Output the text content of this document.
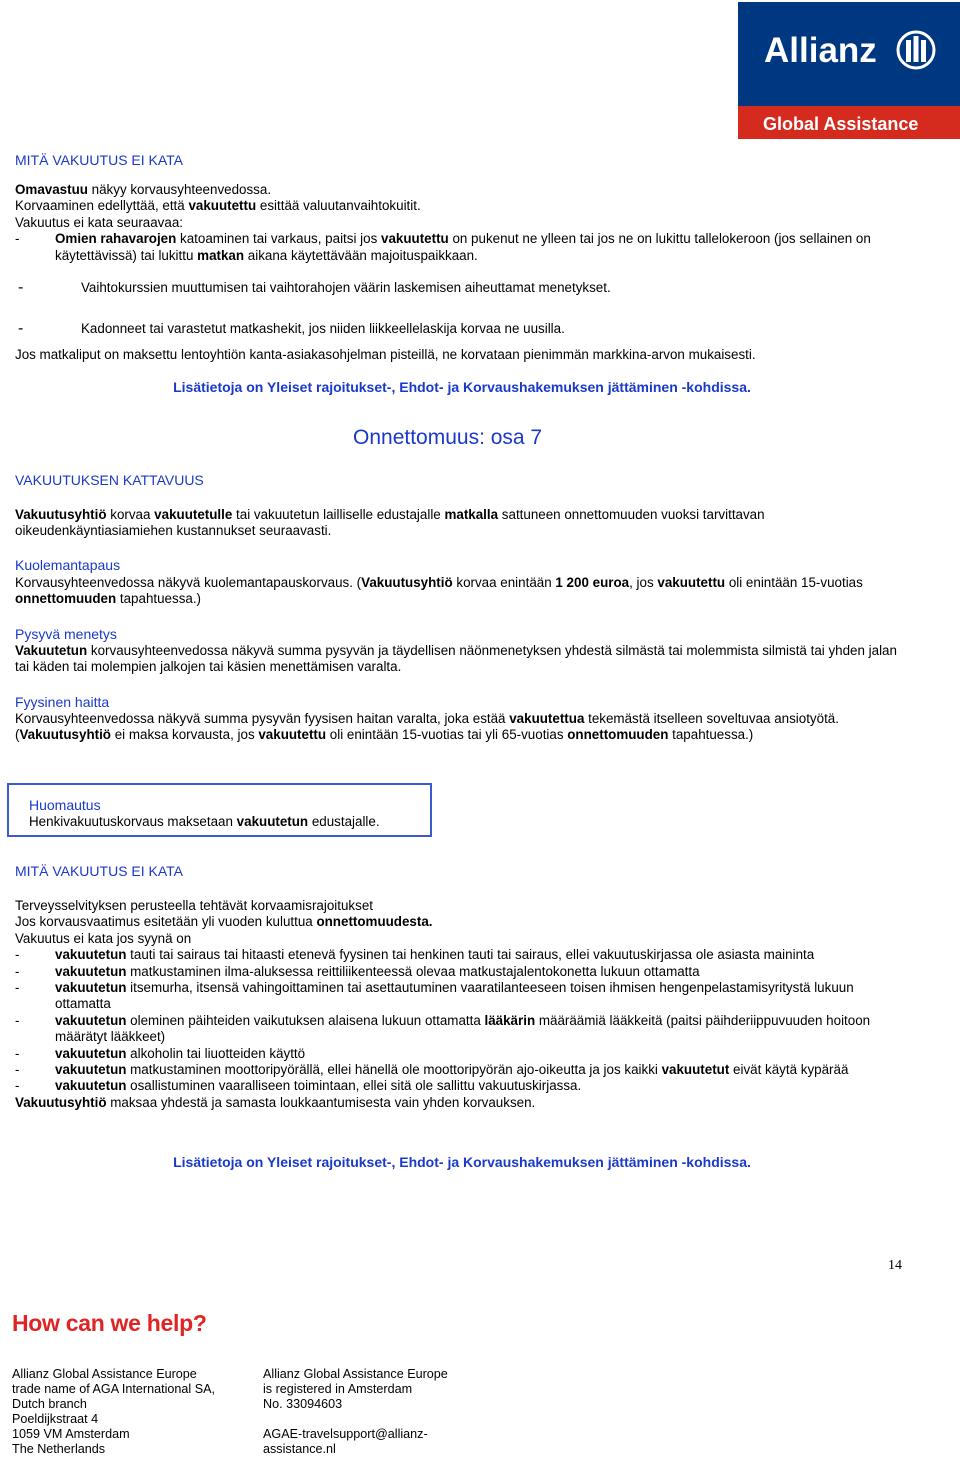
Allianz
Global Assistance
MITÄ VAKUUTUS EI KATA
Omavastuu näkyy korvausyhteenvedossa.
Korvaaminen edellyttää, että vakuutettu esittää valuutanvaihtokuitit.
Vakuutus ei kata seuraavaa:
-	Omien rahavarojen katoaminen tai varkaus, paitsi jos vakuutettu on pukenut ne ylleen tai jos ne on lukittu tallelokeroon (jos sellainen on käytettävissä) tai lukittu matkan aikana käytettävään majoituspaikkaan.
-	Vaihtokurssien muuttumisen tai vaihtorahojen väärin laskemisen aiheuttamat menetykset.
-	Kadonneet tai varastetut matkashekit, jos niiden liikkeellelaskija korvaa ne uusilla.
Jos matkaliput on maksettu lentoyhtiön kanta-asiakasohjelman pisteillä, ne korvataan pienimmän markkina-arvon mukaisesti.
Lisätietoja on Yleiset rajoitukset-, Ehdot- ja Korvaushakemuksen jättäminen -kohdissa.
Onnettomuus: osa 7
VAKUUTUKSEN KATTAVUUS
Vakuutusyhtiö korvaa vakuutetulle tai vakuutetun lailliselle edustajalle matkalla sattuneen onnettomuuden vuoksi tarvittavan oikeudenkäyntiasiamiehen kustannukset seuraavasti.
Kuolemantapaus
Korvausyhteenvedossa näkyvä kuolemantapauskorvaus. (Vakuutusyhtiö korvaa enintään 1 200 euroa, jos vakuutettu oli enintään 15-vuotias onnettomuuden tapahtuessa.)
Pysyvä menetys
Vakuutetun korvausyhteenvedossa näkyvä summa pysyvän ja täydellisen näönmenetyksen yhdestä silmästä tai molemmista silmistä tai yhden jalan tai käden tai molempien jalkojen tai käsien menettämisen varalta.
Fyysinen haitta
Korvausyhteenvedossa näkyvä summa pysyvän fyysisen haitan varalta, joka estää vakuutettua tekemästä itselleen soveltuvaa ansiotyötä. (Vakuutusyhtiö ei maksa korvausta, jos vakuutettu oli enintään 15-vuotias tai yli 65-vuotias onnettomuuden tapahtuessa.)
Huomautus
Henkivakuutuskorvaus maksetaan vakuutetun edustajalle.
MITÄ VAKUUTUS EI KATA
Terveysselvityksen perusteella tehtävät korvaamisrajoitukset
Jos korvausvaatimus esitetään yli vuoden kuluttua onnettomuudesta.
Vakuutus ei kata jos syynä on
-	vakuutetun tauti tai sairaus tai hitaasti etenevä fyysinen tai henkinen tauti tai sairaus, ellei vakuutuskirjassa ole asiasta maininta
-	vakuutetun matkustaminen ilma-aluksessa reittiliikenteessä olevaa matkustajalentokonetta lukuun ottamatta
-	vakuutetun itsemurha, itsensä vahingoittaminen tai asettautuminen vaaratilanteeseen toisen ihmisen hengenpelastamisyritystä lukuun ottamatta
-	vakuutetun oleminen päihteiden vaikutuksen alaisena lukuun ottamatta lääkärin määräämiä lääkkeitä (paitsi päihderiippuvuuden hoitoon määrätyt lääkkeet)
-	vakuutetun alkoholin tai liuotteiden käyttö
-	vakuutetun matkustaminen moottoripyörällä, ellei hänellä ole moottoripyörän ajo-oikeutta ja jos kaikki vakuutetut eivät käytä kypärää
-	vakuutetun osallistuminen vaaralliseen toimintaan, ellei sitä ole sallittu vakuutuskirjassa.
Vakuutusyhtiö maksaa yhdestä ja samasta loukkaantumisesta vain yhden korvauksen.
Lisätietoja on Yleiset rajoitukset-, Ehdot- ja Korvaushakemuksen jättäminen -kohdissa.
14
How can we help?
Allianz Global Assistance Europe
trade name of AGA International SA,
Dutch branch
Poeldijkstraat 4
1059 VM Amsterdam
The Netherlands
Allianz Global Assistance Europe
is registered in Amsterdam
No. 33094603
AGAE-travelsupport@allianz-
assistance.nl
